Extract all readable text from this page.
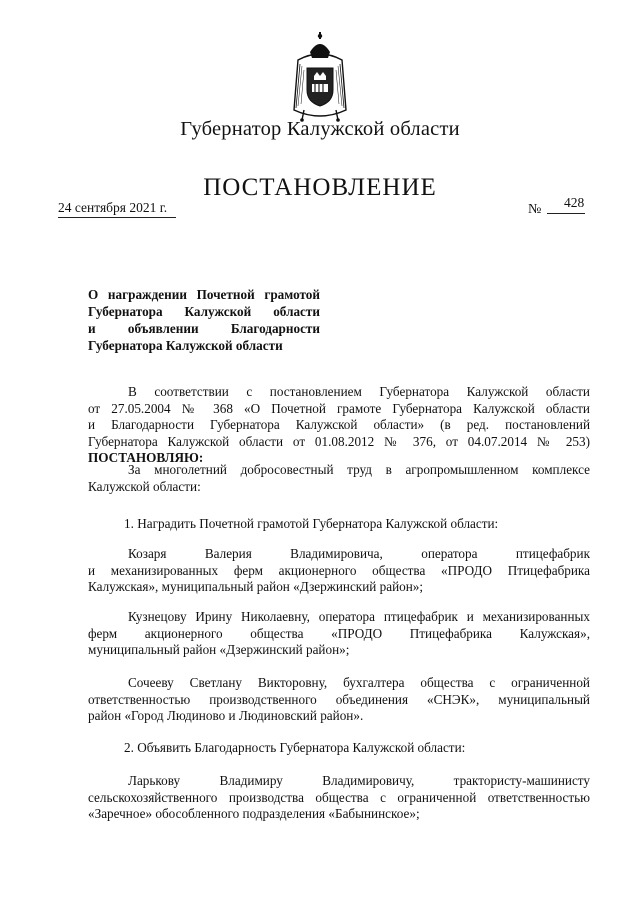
Губернатор Калужской области
ПОСТАНОВЛЕНИЕ
24 сентября 2021 г.	№ 428
О награждении Почетной грамотой
Губернатора Калужской области
и объявлении Благодарности
Губернатора Калужской области
В соответствии с постановлением Губернатора Калужской области
от 27.05.2004 № 368 «О Почетной грамоте Губернатора Калужской области
и Благодарности Губернатора Калужской области» (в ред. постановлений
Губернатора Калужской области от 01.08.2012 № 376, от 04.07.2014 № 253)
ПОСТАНОВЛЯЮ:
За многолетний добросовестный труд в агропромышленном комплексе
Калужской области:
1. Наградить Почетной грамотой Губернатора Калужской области:
Козаря Валерия Владимировича, оператора птицефабрик
и механизированных ферм акционерного общества «ПРОДО Птицефабрика
Калужская», муниципальный район «Дзержинский район»;
Кузнецову Ирину Николаевну, оператора птицефабрик и механизированных
ферм акционерного общества «ПРОДО Птицефабрика Калужская»,
муниципальный район «Дзержинский район»;
Сочееву Светлану Викторовну, бухгалтера общества с ограниченной
ответственностью производственного объединения «СНЭК», муниципальный
район «Город Людиново и Людиновский район».
2. Объявить Благодарность Губернатора Калужской области:
Ларькову Владимиру Владимировичу, трактористу-машинисту
сельскохозяйственного производства общества с ограниченной ответственностью
«Заречное» обособленного подразделения «Бабынинское»;
